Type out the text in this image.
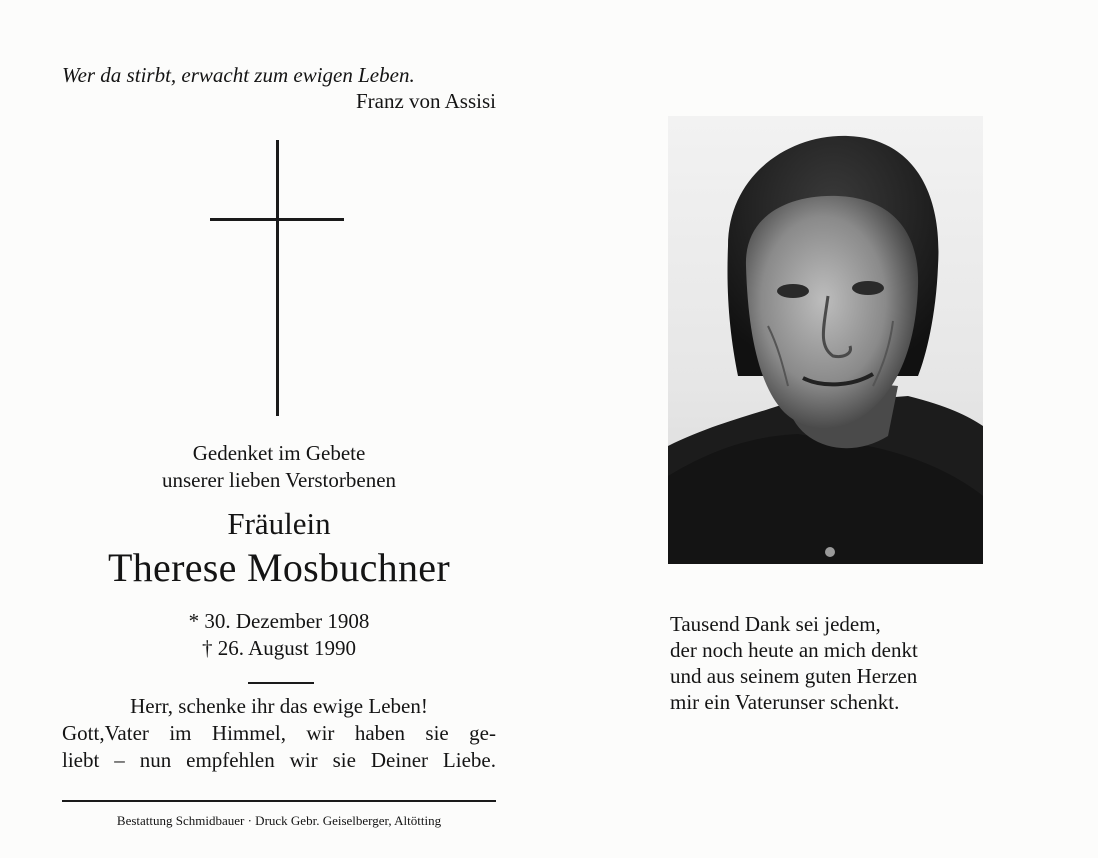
Wer da stirbt, erwacht zum ewigen Leben.
Franz von Assisi
Gedenket im Gebete
unserer lieben Verstorbenen
Fräulein
Therese Mosbuchner
* 30. Dezember 1908
† 26. August 1990
Herr, schenke ihr das ewige Leben!
Gott,Vater im Himmel, wir haben sie ge-
liebt – nun empfehlen wir sie Deiner Liebe.
Bestattung Schmidbauer · Druck Gebr. Geiselberger, Altötting
Tausend Dank sei jedem,
der noch heute an mich denkt
und aus seinem guten Herzen
mir ein Vaterunser schenkt.
